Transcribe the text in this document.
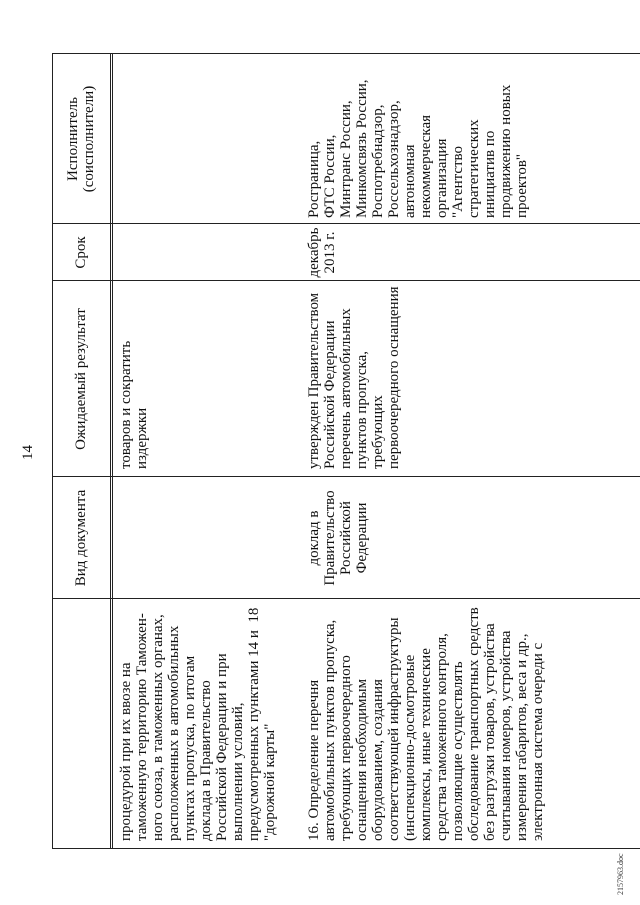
14
Вид документа
Ожидаемый результат
Срок
Исполнитель
(соисполнители)
процедурой при их ввозе на
таможенную территорию Таможен-
ного союза, в таможенных органах,
расположенных в автомобильных
пунктах пропуска, по итогам
доклада в Правительство
Российской Федерации и при
выполнении условий,
предусмотренных пунктами 14 и  18
"дорожной карты"
товаров и сократить
издержки
16. Определение перечня
автомобильных пунктов пропуска,
требующих первоочередного
оснащения необходимым
оборудованием, создания
соответствующей инфраструктуры
(инспекционно-досмотровые
комплексы, иные технические
средства таможенного контроля,
позволяющие осуществлять
обследование транспортных средств
без разгрузки товаров, устройства
считывания номеров, устройства
измерения габаритов, веса и др.,
электронная система очереди с
доклад в
Правительство
Российской
Федерации
утвержден Правительством
Российской Федерации
перечень автомобильных
пунктов пропуска,
требующих
первоочередного оснащения
декабрь
2013 г.
Росграница,
ФТС России,
Минтранс России,
Минкомсвязь России,
Роспотребнадзор,
Россельхознадзор,
автономная
некоммерческая
организация
"Агентство
стратегических
инициатив по
продвижению новых
проектов"
2157963.doc
